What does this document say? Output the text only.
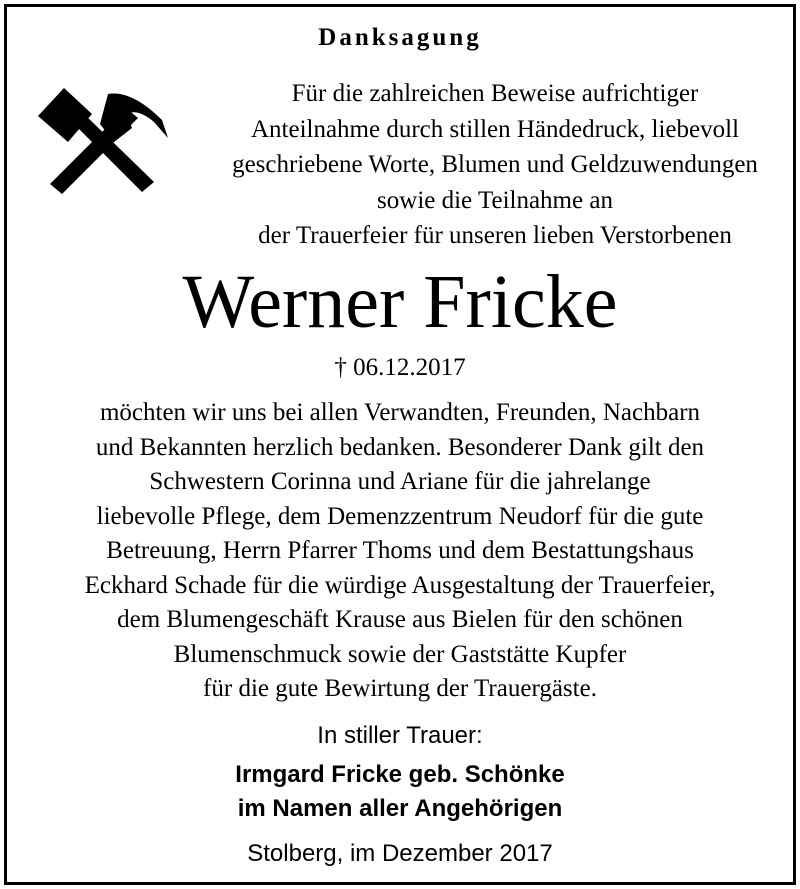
Danksagung
Für die zahlreichen Beweise aufrichtiger
Anteilnahme durch stillen Händedruck, liebevoll
geschriebene Worte, Blumen und Geldzuwendungen
sowie die Teilnahme an
der Trauerfeier für unseren lieben Verstorbenen
Werner Fricke
† 06.12.2017
möchten wir uns bei allen Verwandten, Freunden, Nachbarn
und Bekannten herzlich bedanken. Besonderer Dank gilt den
Schwestern Corinna und Ariane für die jahrelange
liebevolle Pflege, dem Demenzzentrum Neudorf für die gute
Betreuung, Herrn Pfarrer Thoms und dem Bestattungshaus
Eckhard Schade für die würdige Ausgestaltung der Trauerfeier,
dem Blumengeschäft Krause aus Bielen für den schönen
Blumenschmuck sowie der Gaststätte Kupfer
für die gute Bewirtung der Trauergäste.
In stiller Trauer:
Irmgard Fricke geb. Schönke
im Namen aller Angehörigen
Stolberg, im Dezember 2017
